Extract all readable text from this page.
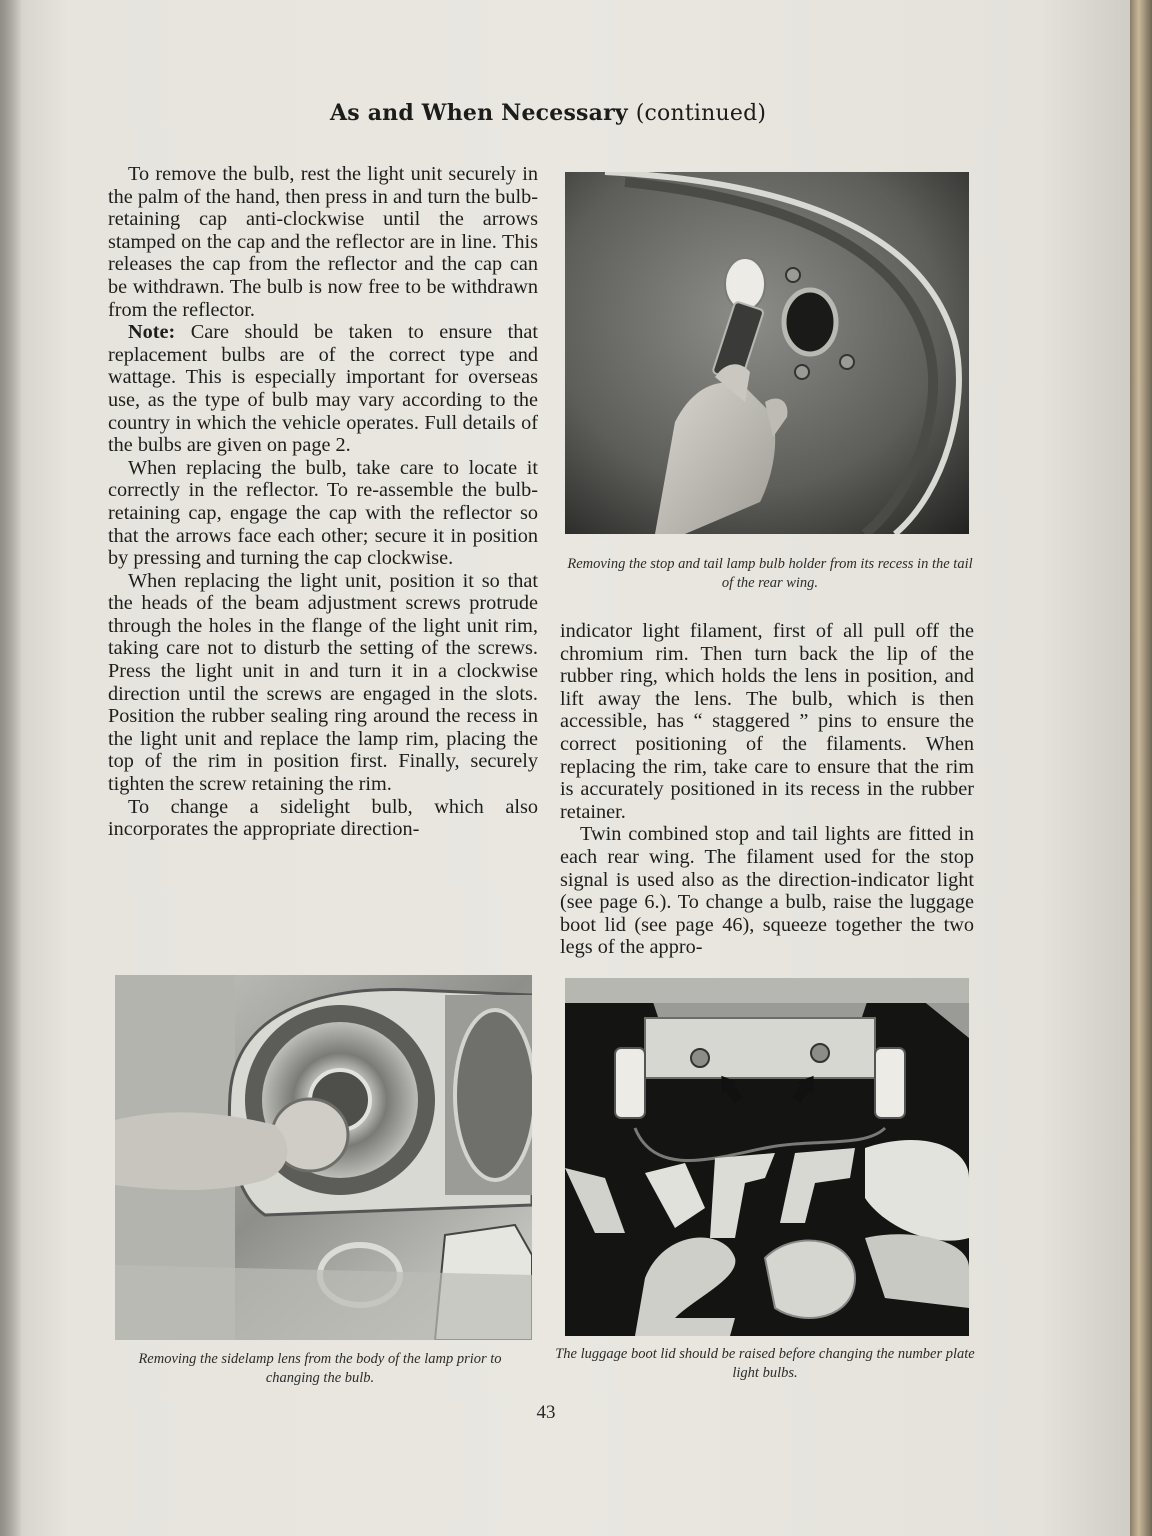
As and When Necessary (continued)

To remove the bulb, rest the light unit securely in the palm of the hand, then press in and turn the bulb-retaining cap anti-clockwise until the arrows stamped on the cap and the reflector are in line. This releases the cap from the reflector and the cap can be withdrawn. The bulb is now free to be withdrawn from the reflector.

Note: Care should be taken to ensure that replacement bulbs are of the correct type and wattage. This is especially important for overseas use, as the type of bulb may vary according to the country in which the vehicle operates. Full details of the bulbs are given on page 2.

When replacing the bulb, take care to locate it correctly in the reflector. To re-assemble the bulb-retaining cap, engage the cap with the reflector so that the arrows face each other; secure it in position by pressing and turning the cap clockwise.

When replacing the light unit, position it so that the heads of the beam adjustment screws protrude through the holes in the flange of the light unit rim, taking care not to disturb the setting of the screws. Press the light unit in and turn it in a clockwise direction until the screws are engaged in the slots. Position the rubber sealing ring around the recess in the light unit and replace the lamp rim, placing the top of the rim in position first. Finally, securely tighten the screw retaining the rim.

To change a sidelight bulb, which also incorporates the appropriate direction-

Removing the stop and tail lamp bulb holder from its recess in the tail of the rear wing.

indicator light filament, first of all pull off the chromium rim. Then turn back the lip of the rubber ring, which holds the lens in position, and lift away the lens. The bulb, which is then accessible, has “ staggered ” pins to ensure the correct positioning of the filaments. When replacing the rim, take care to ensure that the rim is accurately positioned in its recess in the rubber retainer.

Twin combined stop and tail lights are fitted in each rear wing. The filament used for the stop signal is used also as the direction-indicator light (see page 6.). To change a bulb, raise the luggage boot lid (see page 46), squeeze together the two legs of the appro-

Removing the sidelamp lens from the body of the lamp prior to changing the bulb.
The luggage boot lid should be raised before changing the number plate light bulbs.
43
